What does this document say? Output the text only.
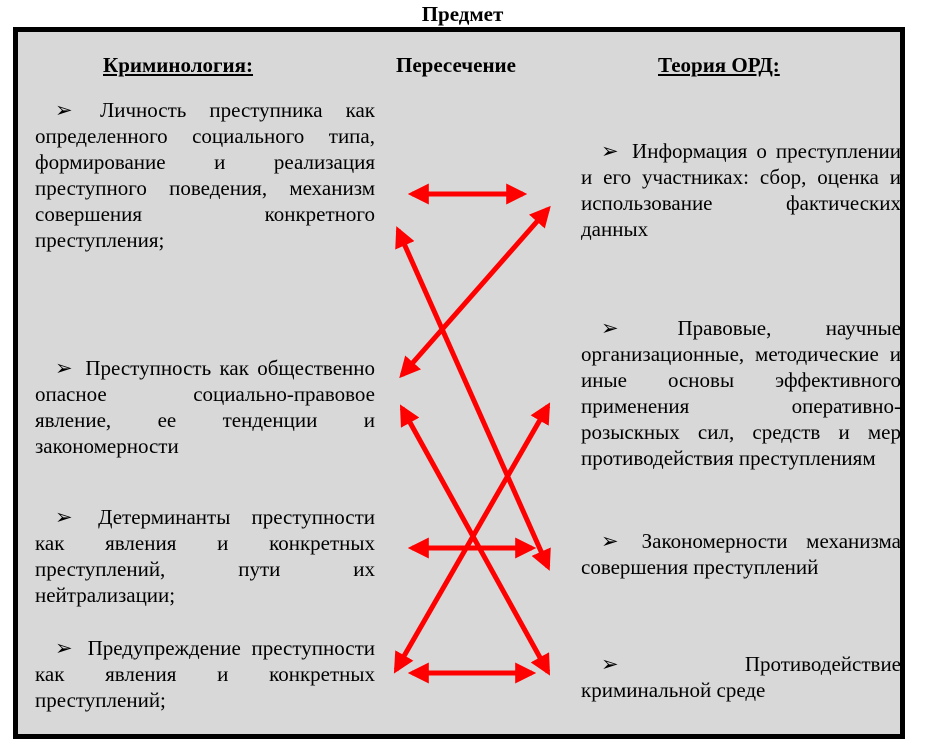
Предмет
Криминология:	Пересечение	Теория ОРД:
➢ Личность преступника как определенного социального типа, формирование и реализация преступного поведения, механизм совершения конкретного преступления;
➢ Преступность как общественно опасное социально-правовое явление, ее тенденции и закономерности
➢ Детерминанты преступности как явления и конкретных преступлений, пути их нейтрализации;
➢ Предупреждение преступности как явления и конкретных преступлений;
➢ Информация о преступлении и его участниках: сбор, оценка и использование фактических данных
➢	Правовые, научные организационные, методические и иные основы эффективного применения оперативно-розыскных сил, средств и мер противодействия преступлениям
➢ Закономерности механизма совершения преступлений
➢	Противодействие криминальной среде
